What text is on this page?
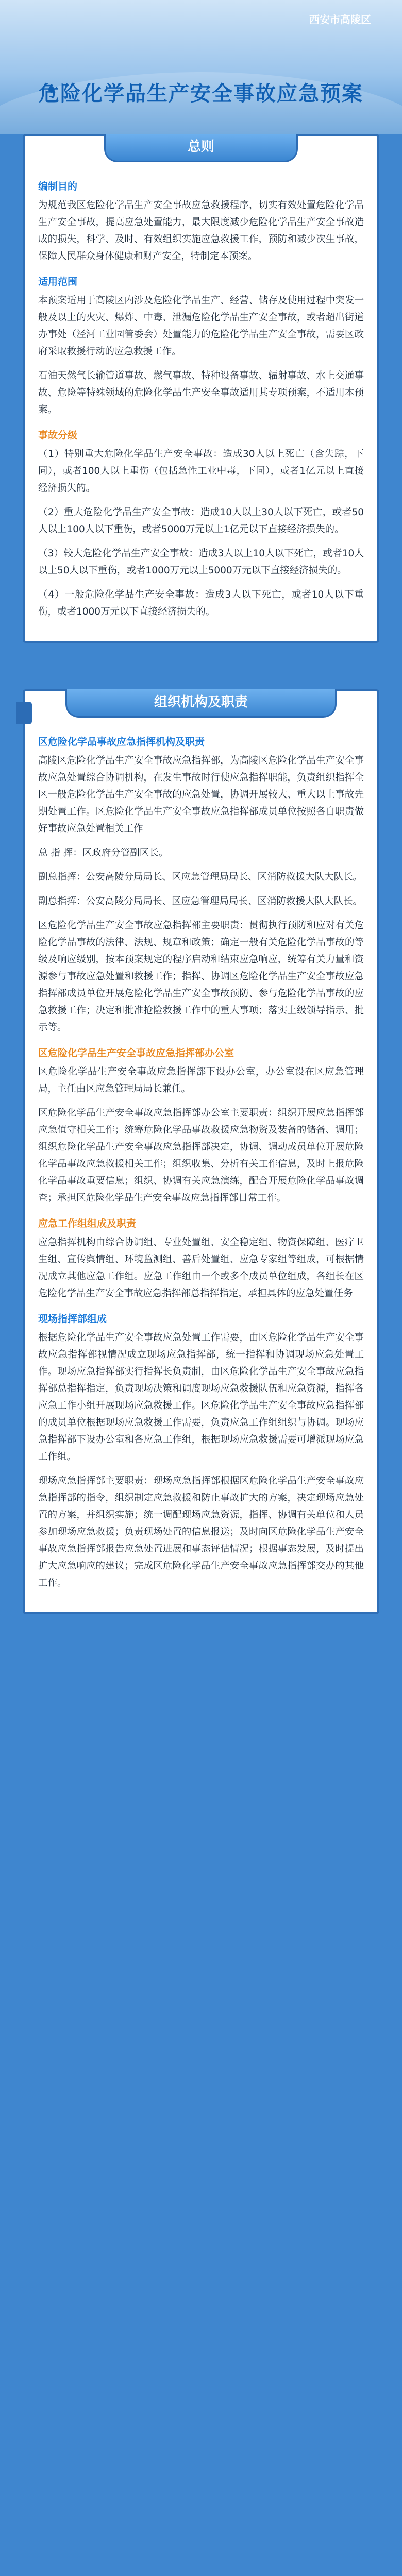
西安市高陵区
危险化学品生产安全事故应急预案
总则
编制目的
为规范我区危险化学品生产安全事故应急救援程序，切实有效处置危险化学品生产安全事故，提高应急处置能力，最大限度减少危险化学品生产安全事故造成的损失，科学、及时、有效组织实施应急救援工作，预防和减少次生事故，保障人民群众身体健康和财产安全，特制定本预案。
适用范围
本预案适用于高陵区内涉及危险化学品生产、经营、储存及使用过程中突发一般及以上的火灾、爆炸、中毒、泄漏危险化学品生产安全事故，或者超出街道办事处（泾河工业园管委会）处置能力的危险化学品生产安全事故，需要区政府采取救援行动的应急救援工作。
石油天然气长输管道事故、燃气事故、特种设备事故、辐射事故、水上交通事故、危险等特殊领域的危险化学品生产安全事故适用其专项预案，不适用本预案。
事故分级
（1）特别重大危险化学品生产安全事故：造成30人以上死亡（含失踪，下同），或者100人以上重伤（包括急性工业中毒，下同），或者1亿元以上直接经济损失的。
（2）重大危险化学品生产安全事故：造成10人以上30人以下死亡，或者50人以上100人以下重伤，或者5000万元以上1亿元以下直接经济损失的。
（3）较大危险化学品生产安全事故：造成3人以上10人以下死亡，或者10人以上50人以下重伤，或者1000万元以上5000万元以下直接经济损失的。
（4）一般危险化学品生产安全事故：造成3人以下死亡，或者10人以下重伤，或者1000万元以下直接经济损失的。
组织机构及职责
区危险化学品事故应急指挥机构及职责
高陵区危险化学品生产安全事故应急指挥部，为高陵区危险化学品生产安全事故应急处置综合协调机构，在发生事故时行使应急指挥职能，负责组织指挥全区一般危险化学品生产安全事故的应急处置，协调开展较大、重大以上事故先期处置工作。区危险化学品生产安全事故应急指挥部成员单位按照各自职责做好事故应急处置相关工作
总 指 挥：区政府分管副区长。
副总指挥：公安高陵分局局长、区应急管理局局长、区消防救援大队大队长。
副总指挥：公安高陵分局局长、区应急管理局局长、区消防救援大队大队长。
区危险化学品生产安全事故应急指挥部主要职责：贯彻执行预防和应对有关危险化学品事故的法律、法规、规章和政策；确定一般有关危险化学品事故的等级及响应级别，按本预案规定的程序启动和结束应急响应，统筹有关力量和资源参与事故应急处置和救援工作；指挥、协调区危险化学品生产安全事故应急指挥部成员单位开展危险化学品生产安全事故预防、参与危险化学品事故的应急救援工作；决定和批准抢险救援工作中的重大事项；落实上级领导指示、批示等。
区危险化学品生产安全事故应急指挥部办公室
区危险化学品生产安全事故应急指挥部下设办公室，办公室设在区应急管理局，主任由区应急管理局局长兼任。
区危险化学品生产安全事故应急指挥部办公室主要职责：组织开展应急指挥部应急值守相关工作；统筹危险化学品事故救援应急物资及装备的储备、调用；组织危险化学品生产安全事故应急指挥部决定，协调、调动成员单位开展危险化学品事故应急救援相关工作；组织收集、分析有关工作信息，及时上报危险化学品事故重要信息；组织、协调有关应急演练，配合开展危险化学品事故调查；承担区危险化学品生产安全事故应急指挥部日常工作。
应急工作组组成及职责
应急指挥机构由综合协调组、专业处置组、安全稳定组、物资保障组、医疗卫生组、宣传舆情组、环境监测组、善后处置组、应急专家组等组成，可根据情况成立其他应急工作组。应急工作组由一个或多个成员单位组成，各组长在区危险化学品生产安全事故应急指挥部总指挥指定，承担具体的应急处置任务
现场指挥部组成
根据危险化学品生产安全事故应急处置工作需要，由区危险化学品生产安全事故应急指挥部视情况成立现场应急指挥部，统一指挥和协调现场应急处置工作。现场应急指挥部实行指挥长负责制，由区危险化学品生产安全事故应急指挥部总指挥指定，负责现场决策和调度现场应急救援队伍和应急资源，指挥各应急工作小组开展现场应急救援工作。区危险化学品生产安全事故应急指挥部的成员单位根据现场应急救援工作需要，负责应急工作组组织与协调。现场应急指挥部下设办公室和各应急工作组，根据现场应急救援需要可增派现场应急工作组。
现场应急指挥部主要职责：现场应急指挥部根据区危险化学品生产安全事故应急指挥部的指令，组织制定应急救援和防止事故扩大的方案，决定现场应急处置的方案，并组织实施；统一调配现场应急资源，指挥、协调有关单位和人员参加现场应急救援；负责现场处置的信息报送；及时向区危险化学品生产安全事故应急指挥部报告应急处置进展和事态评估情况；根据事态发展，及时提出扩大应急响应的建议；完成区危险化学品生产安全事故应急指挥部交办的其他工作。
